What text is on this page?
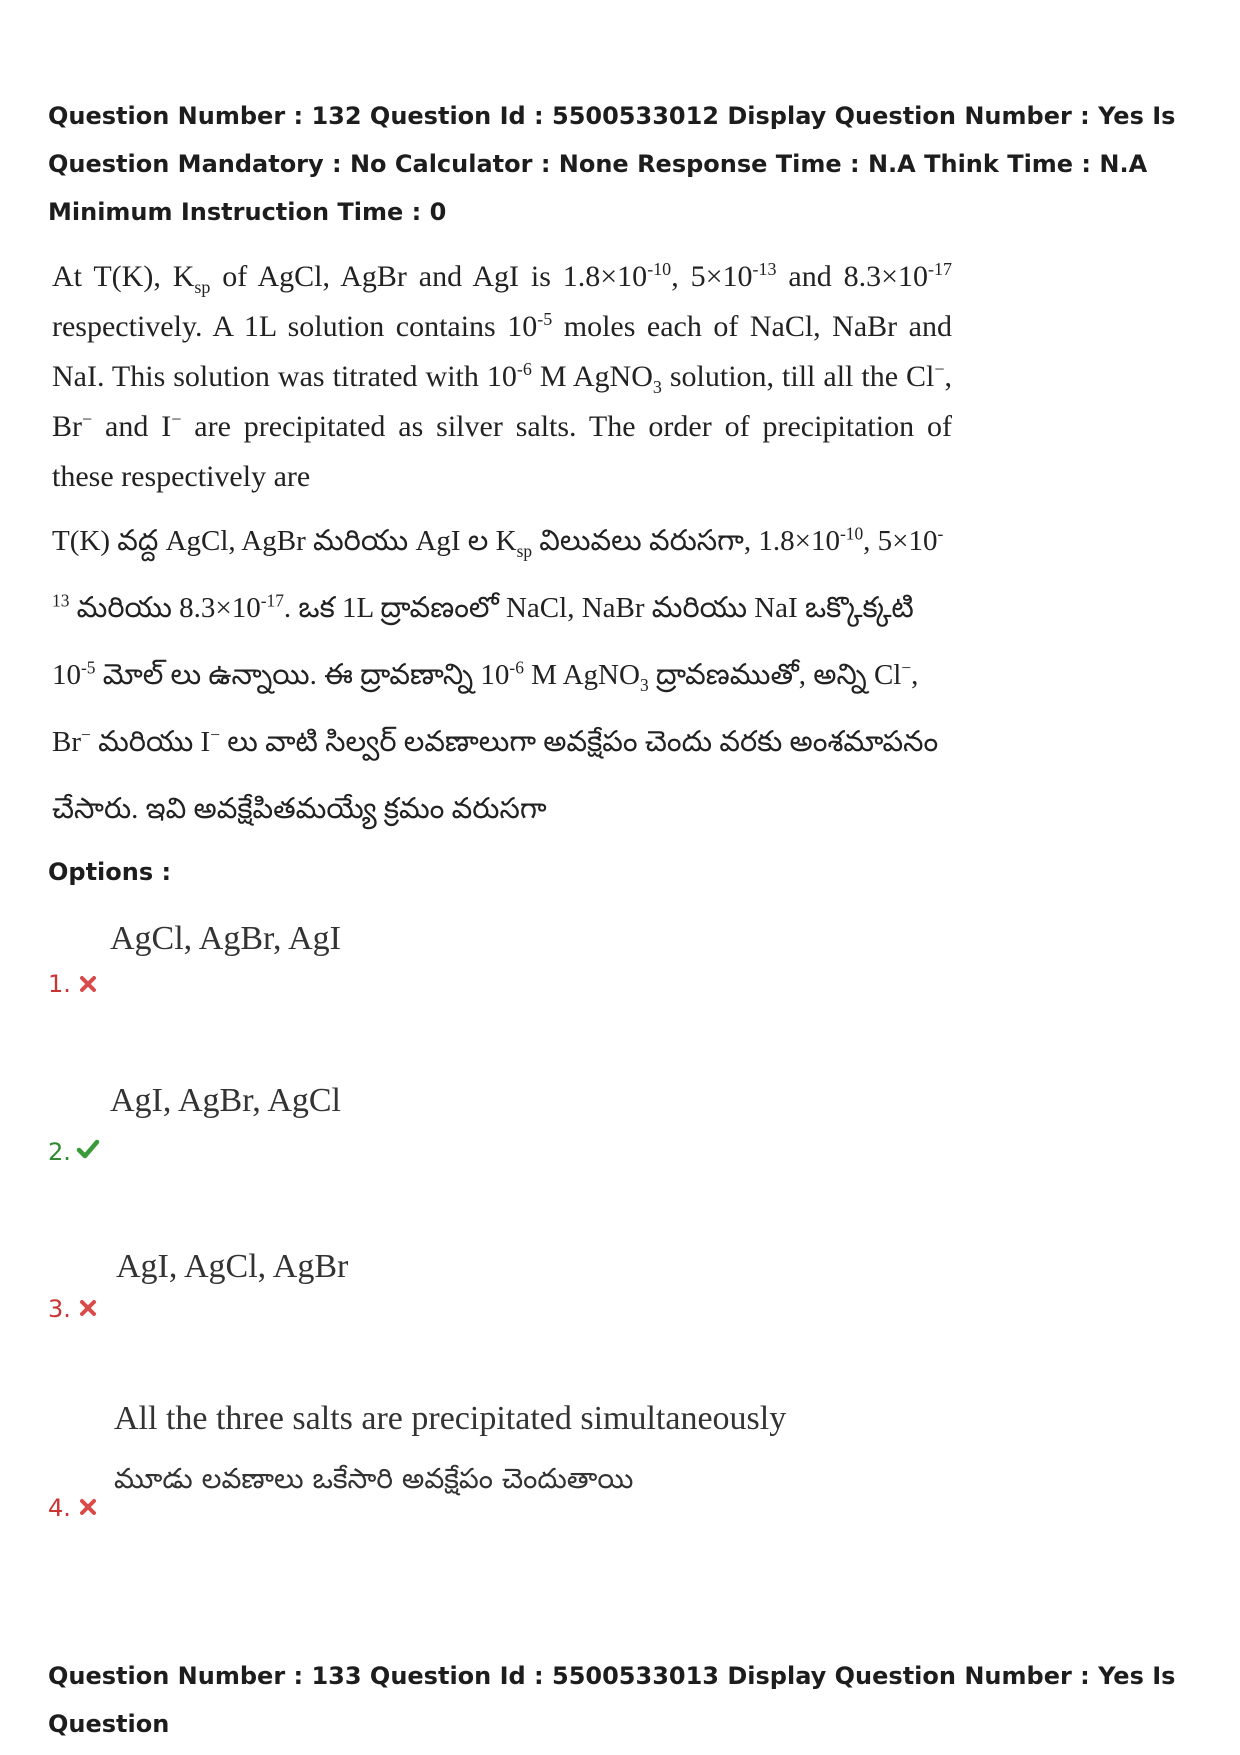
Question Number : 132 Question Id : 5500533012 Display Question Number : Yes Is Question Mandatory : No Calculator : None Response Time : N.A Think Time : N.A Minimum Instruction Time : 0
At T(K), $K_{sp}$ of AgCl, AgBr and AgI is $1.8\times 10^{-10}$, $5\times 10^{-13}$ and $8.3\times 10^{-17}$ respectively. A 1L solution contains $10^{-5}$ moles each of NaCl, NaBr and NaI. This solution was titrated with $10^{-6}$ M AgNO$_3$ solution, till all the Cl−, Br− and I− are precipitated as silver salts. The order of precipitation of these respectively are
T(K) వద్ద AgCl, AgBr మరియు AgI ల $K_{sp}$ విలువలు వరుసగా, $1.8\times 10^{-10}$, $5\times 10^{-13}$ మరియు $8.3\times 10^{-17}$. ఒక 1L ద్రావణంలో NaCl, NaBr మరియు NaI ఒక్కొక్కటి $10^{-5}$ మోల్ లు ఉన్నాయి. ఈ ద్రావణాన్ని $10^{-6}$ M AgNO$_3$ ద్రావణముతో, అన్ని Cl−, Br− మరియు I− లు వాటి సిల్వర్ లవణాలుగా అవక్షేపం చెందు వరకు అంశమాపనం చేసారు. ఇవి అవక్షేపితమయ్యే క్రమం వరుసగా
Options :
AgCl, AgBr, AgI
1.
AgI, AgBr, AgCl
2.
AgI, AgCl, AgBr
3.
All the three salts are precipitated simultaneously
మూడు లవణాలు ఒకేసారి అవక్షేపం చెందుతాయి
4.
Question Number : 133 Question Id : 5500533013 Display Question Number : Yes Is Question
